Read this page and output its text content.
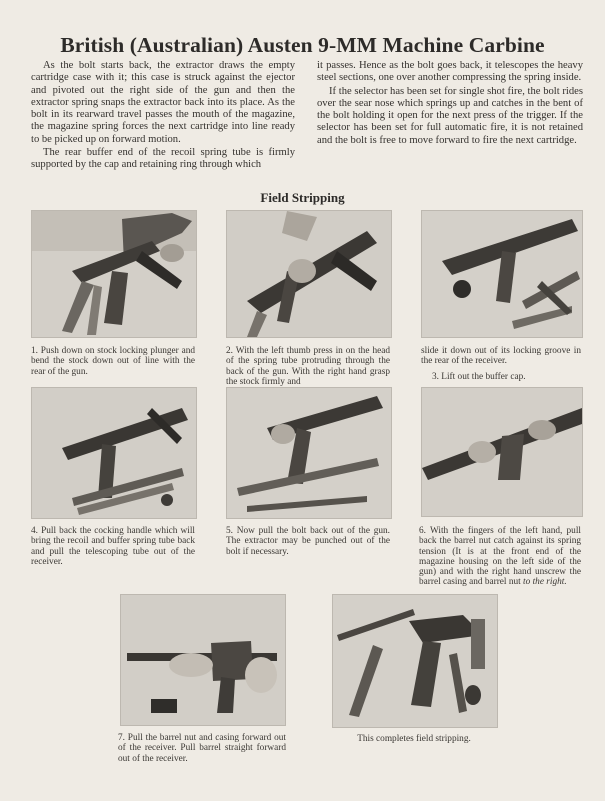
British (Australian) Austen 9-MM Machine Carbine

As the bolt starts back, the extractor draws the empty cartridge case with it; this case is struck against the ejector and pivoted out the right side of the gun and then the extractor spring snaps the extractor back into its place. As the bolt in its rearward travel passes the mouth of the magazine, the magazine spring forces the next cartridge into line ready to be picked up on forward motion.

The rear buffer end of the recoil spring tube is firmly supported by the cap and retaining ring through which

it passes. Hence as the bolt goes back, it telescopes the heavy steel sections, one over another compressing the spring inside.

If the selector has been set for single shot fire, the bolt rides over the sear nose which springs up and catches in the bent of the bolt holding it open for the next press of the trigger. If the selector has been set for full automatic fire, it is not retained and the bolt is free to move forward to fire the next cartridge.

Field Stripping
1. Push down on stock locking plunger and bend the stock down out of line with the rear of the gun.
2. With the left thumb press in on the head of the spring tube protruding through the back of the gun. With the right hand grasp the stock firmly and
slide it down out of its locking groove in the rear of the receiver.
3. Lift out the buffer cap.
4. Pull back the cocking handle which will bring the recoil and buffer spring tube back and pull the telescoping tube out of the receiver.
5. Now pull the bolt back out of the gun. The extractor may be punched out of the bolt if necessary.
6. With the fingers of the left hand, pull back the barrel nut catch against its spring tension (It is at the front end of the magazine housing on the left side of the gun) and with the right hand unscrew the barrel casing and barrel nut to the right.
7. Pull the barrel nut and casing forward out of the receiver. Pull barrel straight forward out of the receiver.
This completes field stripping.
